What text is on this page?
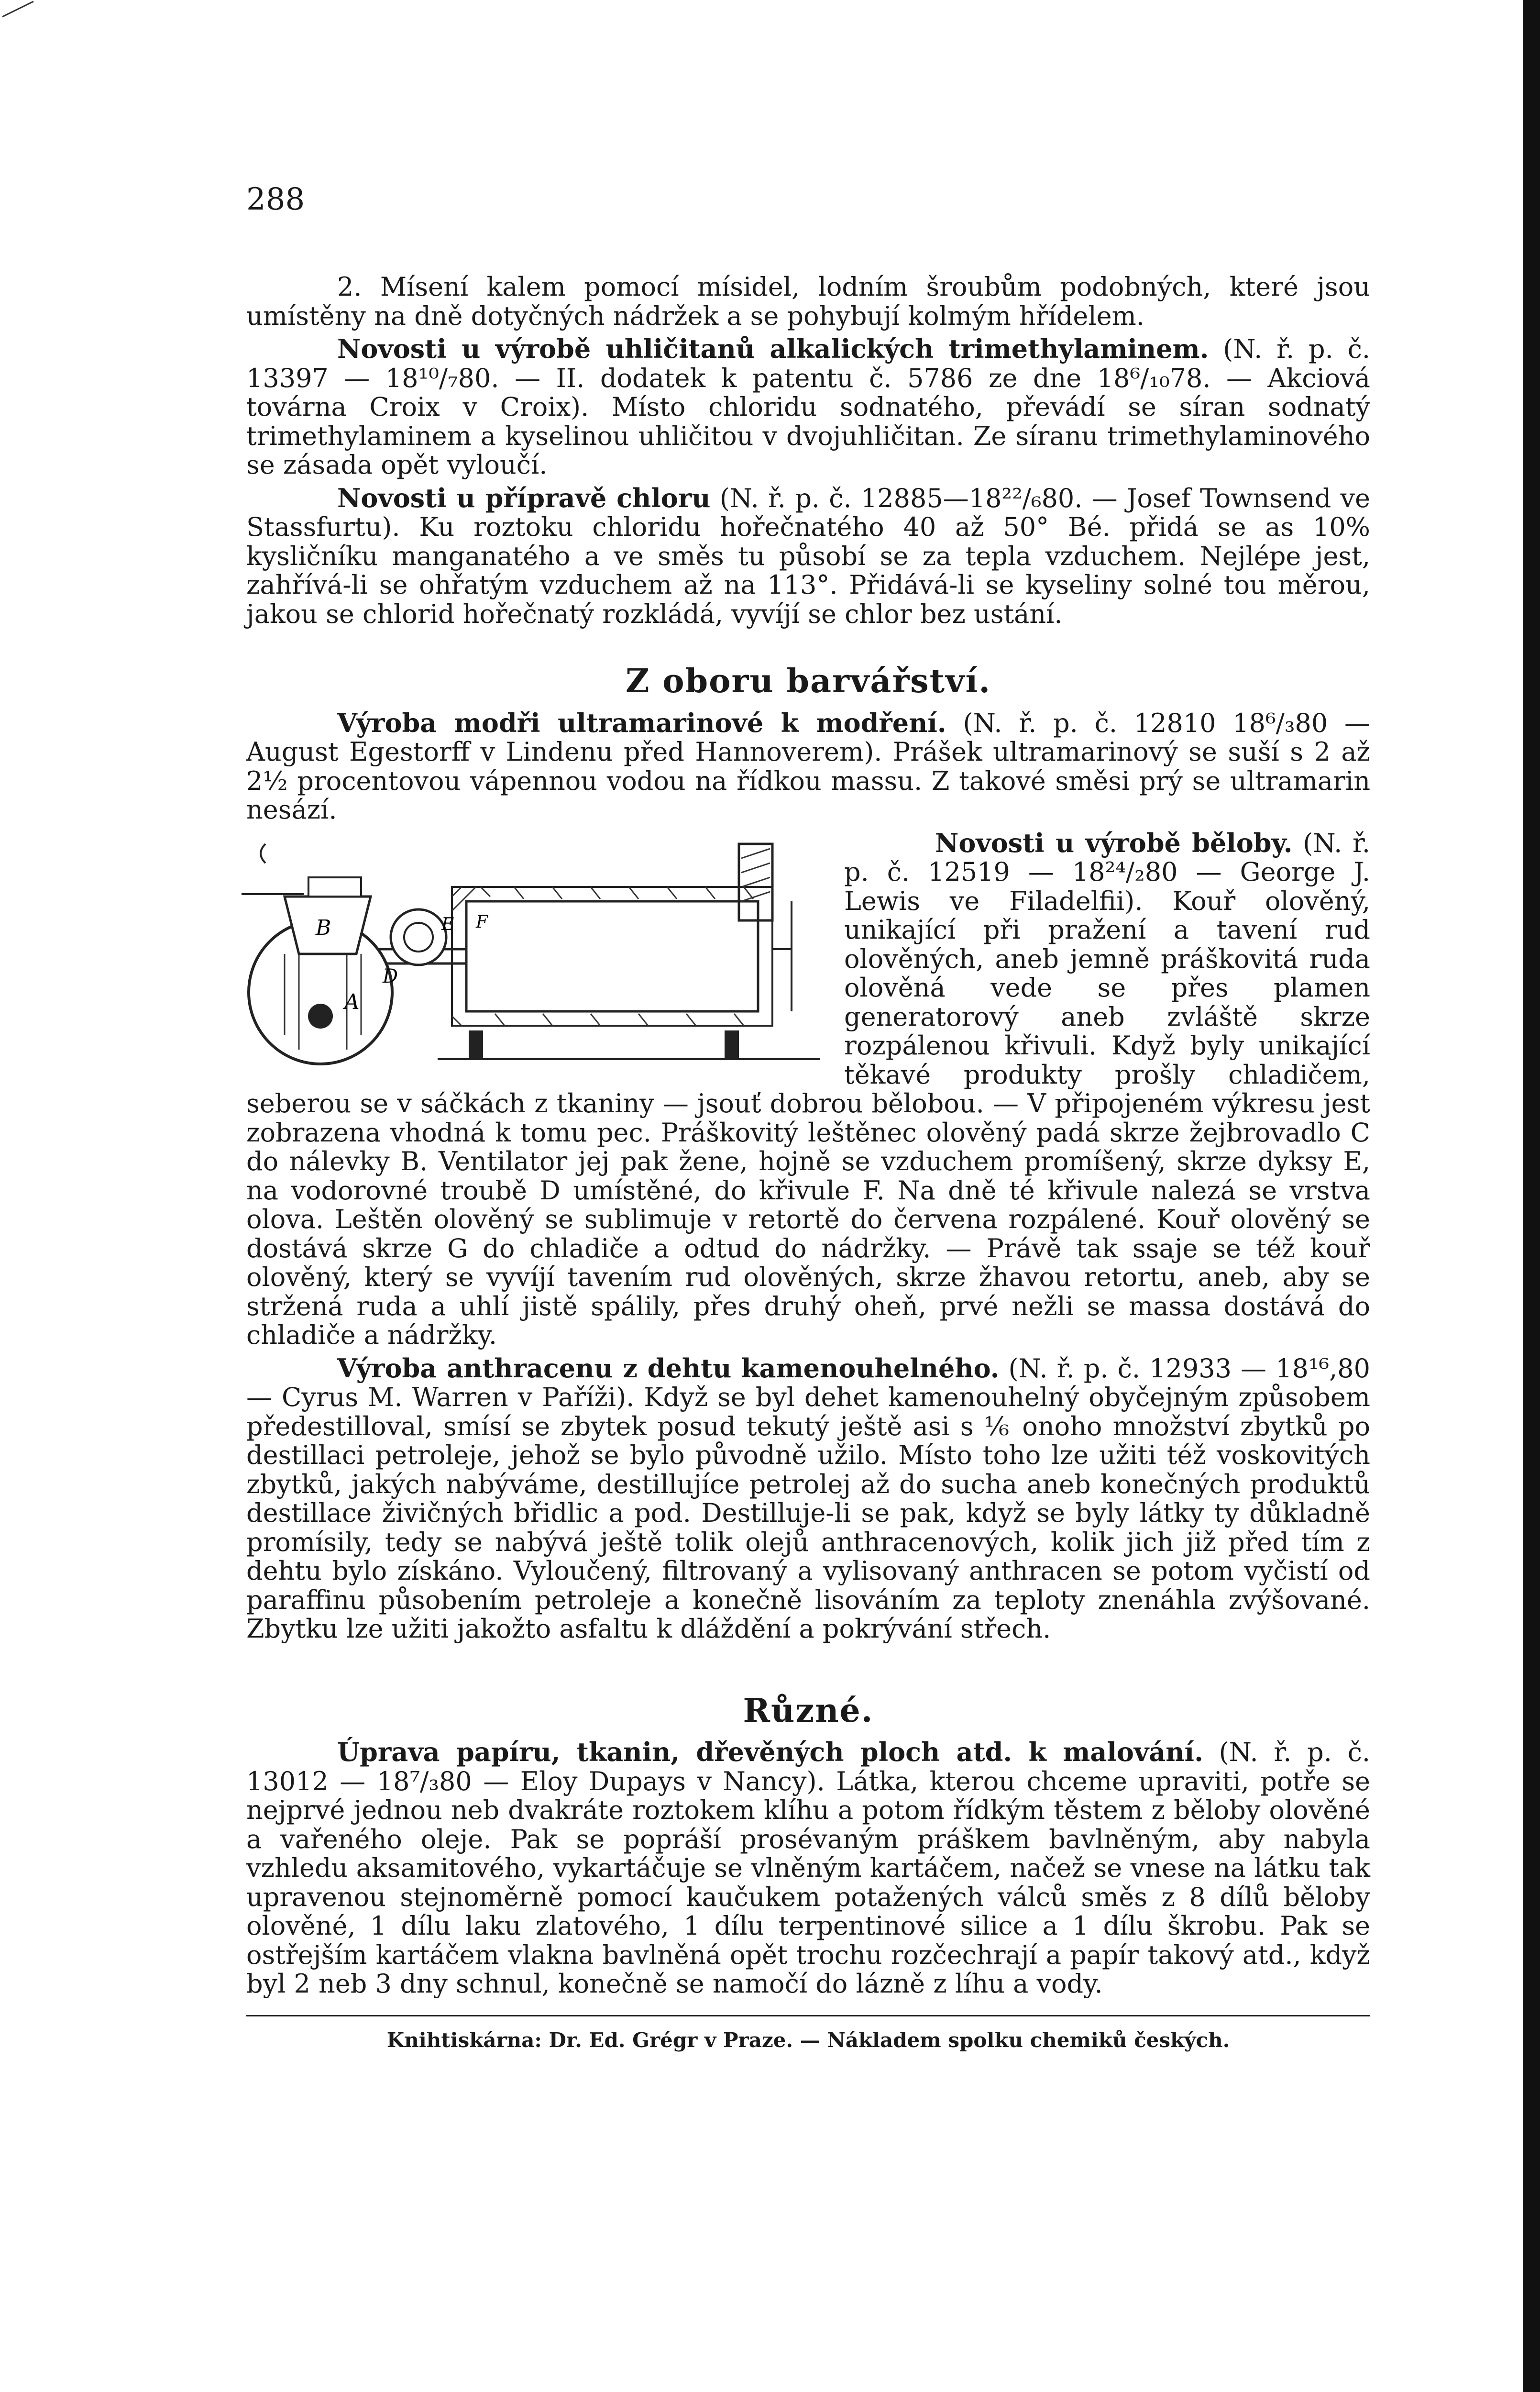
288

2. Mísení kalem pomocí mísidel, lodním šroubům podobných, které jsou umístěny na dně dotyčných nádržek a se pohybují kolmým hřídelem.

Novosti u výrobě uhličitanů alkalických trimethylaminem. (N. ř. p. č. 13397 — 18¹⁰/₇80. — II. dodatek k patentu č. 5786 ze dne 18⁶/₁₀78. — Akciová továrna Croix v Croix). Místo chloridu sodnatého, převádí se síran sodnatý trimethylaminem a kyselinou uhličitou v dvojuhličitan. Ze síranu trimethylaminového se zásada opět vyloučí.

Novosti u přípravě chloru (N. ř. p. č. 12885—18²²/₆80. — Josef Townsend ve Stassfurtu). Ku roztoku chloridu hořečnatého 40 až 50° Bé. přidá se as 10% kysličníku manganatého a ve směs tu působí se za tepla vzduchem. Nejlépe jest, zahřívá-li se ohřatým vzduchem až na 113°. Přidává-li se kyseliny solné tou měrou, jakou se chlorid hořečnatý rozkládá, vyvíjí se chlor bez ustání.

Z oboru barvářství.

Výroba modři ultramarinové k modření. (N. ř. p. č. 12810 18⁶/₃80 — August Egestorff v Lindenu před Hannoverem). Prášek ultramarinový se suší s 2 až 2½ procentovou vápennou vodou na řídkou massu. Z takové směsi prý se ultramarin nesází.

B
A
E F
D
Novosti u výrobě běloby. (N. ř. p. č. 12519 — 18²⁴/₂80 — George J. Lewis ve Filadelfii). Kouř olověný, unikající při pražení a tavení rud olověných, aneb jemně práškovitá ruda olověná vede se přes plamen generatorový aneb zvláště skrze rozpálenou křivuli. Když byly unikající těkavé produkty prošly chladičem, seberou se v sáčkách z tkaniny — jsouť dobrou bělobou. — V připojeném výkresu jest zobrazena vhodná k tomu pec. Práškovitý leštěnec olověný padá skrze žejbrovadlo C do nálevky B. Ventilator jej pak žene, hojně se vzduchem promíšený, skrze dyksy E, na vodorovné troubě D umístěné, do křivule F. Na dně té křivule nalezá se vrstva olova. Leštěn olověný se sublimuje v retortě do červena rozpálené. Kouř olověný se dostává skrze G do chladiče a odtud do nádržky. — Právě tak ssaje se též kouř olověný, který se vyvíjí tavením rud olověných, skrze žhavou retortu, aneb, aby se stržená ruda a uhlí jistě spálily, přes druhý oheň, prvé nežli se massa dostává do chladiče a nádržky.

Výroba anthracenu z dehtu kamenouhelného. (N. ř. p. č. 12933 — 18¹⁶,80 — Cyrus M. Warren v Paříži). Když se byl dehet kamenouhelný obyčejným způsobem předestilloval, smísí se zbytek posud tekutý ještě asi s ⅙ onoho množství zbytků po destillaci petroleje, jehož se bylo původně užilo. Místo toho lze užiti též voskovitých zbytků, jakých nabýváme, destillujíce petrolej až do sucha aneb konečných produktů destillace živičných břidlic a pod. Destilluje-li se pak, když se byly látky ty důkladně promísily, tedy se nabývá ještě tolik olejů anthracenových, kolik jich již před tím z dehtu bylo získáno. Vyloučený, filtrovaný a vylisovaný anthracen se potom vyčistí od paraffinu působením petroleje a konečně lisováním za teploty znenáhla zvýšované. Zbytku lze užiti jakožto asfaltu k dláždění a pokrývání střech.

Různé.

Úprava papíru, tkanin, dřevěných ploch atd. k malování. (N. ř. p. č. 13012 — 18⁷/₃80 — Eloy Dupays v Nancy). Látka, kterou chceme upraviti, potře se nejprvé jednou neb dvakráte roztokem klíhu a potom řídkým těstem z běloby olověné a vařeného oleje. Pak se popráší prosévaným práškem bavlněným, aby nabyla vzhledu aksamitového, vykartáčuje se vlněným kartáčem, načež se vnese na látku tak upravenou stejnoměrně pomocí kaučukem potažených válců směs z 8 dílů běloby olověné, 1 dílu laku zlatového, 1 dílu terpentinové silice a 1 dílu škrobu. Pak se ostřejším kartáčem vlakna bavlněná opět trochu rozčechrají a papír takový atd., když byl 2 neb 3 dny schnul, konečně se namočí do lázně z líhu a vody.

Knihtiskárna: Dr. Ed. Grégr v Praze. — Nákladem spolku chemiků českých.
